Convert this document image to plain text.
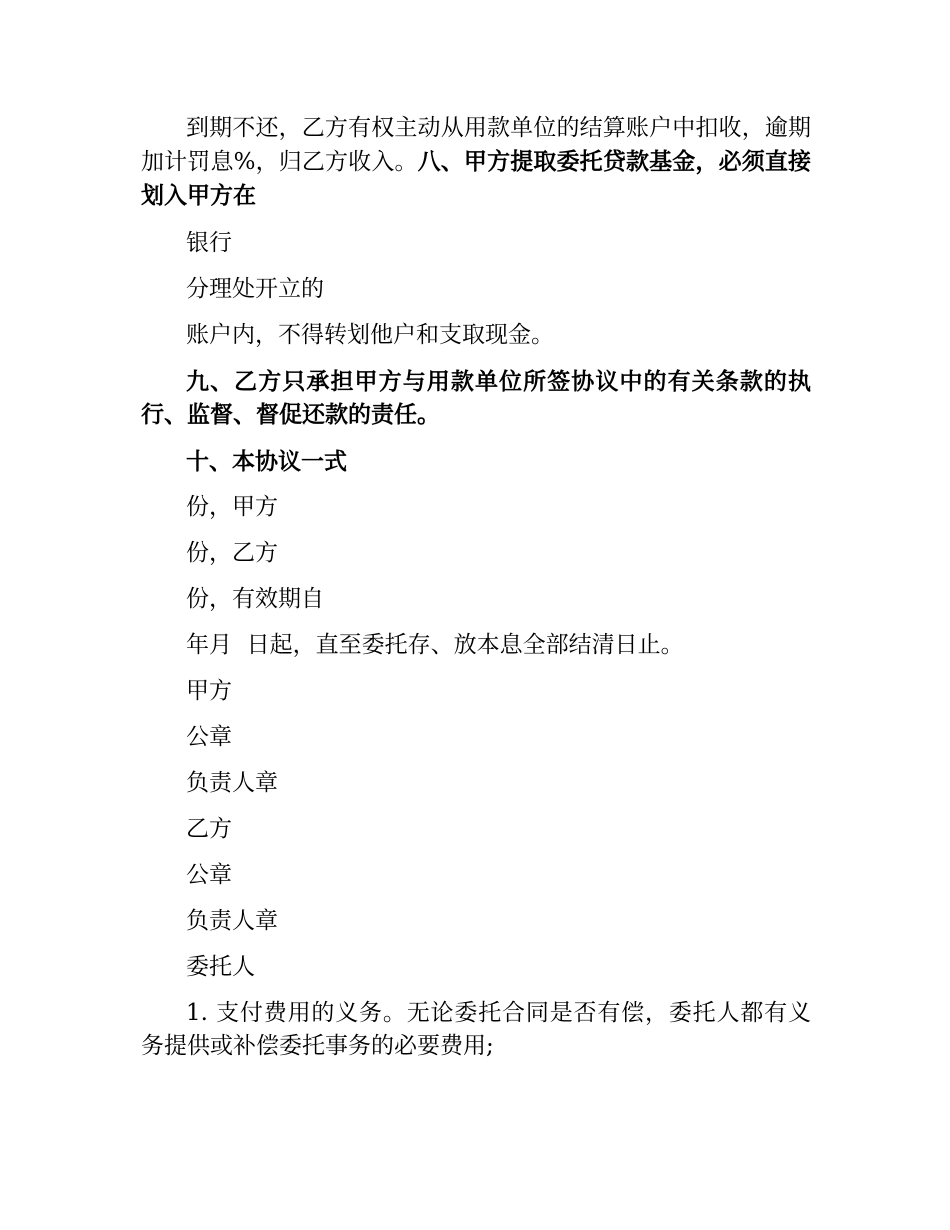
到期不还，乙方有权主动从用款单位的结算账户中扣收，逾期加计罚息%，归乙方收入。八、甲方提取委托贷款基金，必须直接划入甲方在

银行

分理处开立的

账户内，不得转划他户和支取现金。

九、乙方只承担甲方与用款单位所签协议中的有关条款的执行、监督、督促还款的责任。

十、本协议一式

份，甲方

份，乙方

份，有效期自

年月  日起，直至委托存、放本息全部结清日止。

甲方

公章

负责人章

乙方

公章

负责人章

委托人

1. 支付费用的义务。无论委托合同是否有偿，委托人都有义务提供或补偿委托事务的必要费用;
